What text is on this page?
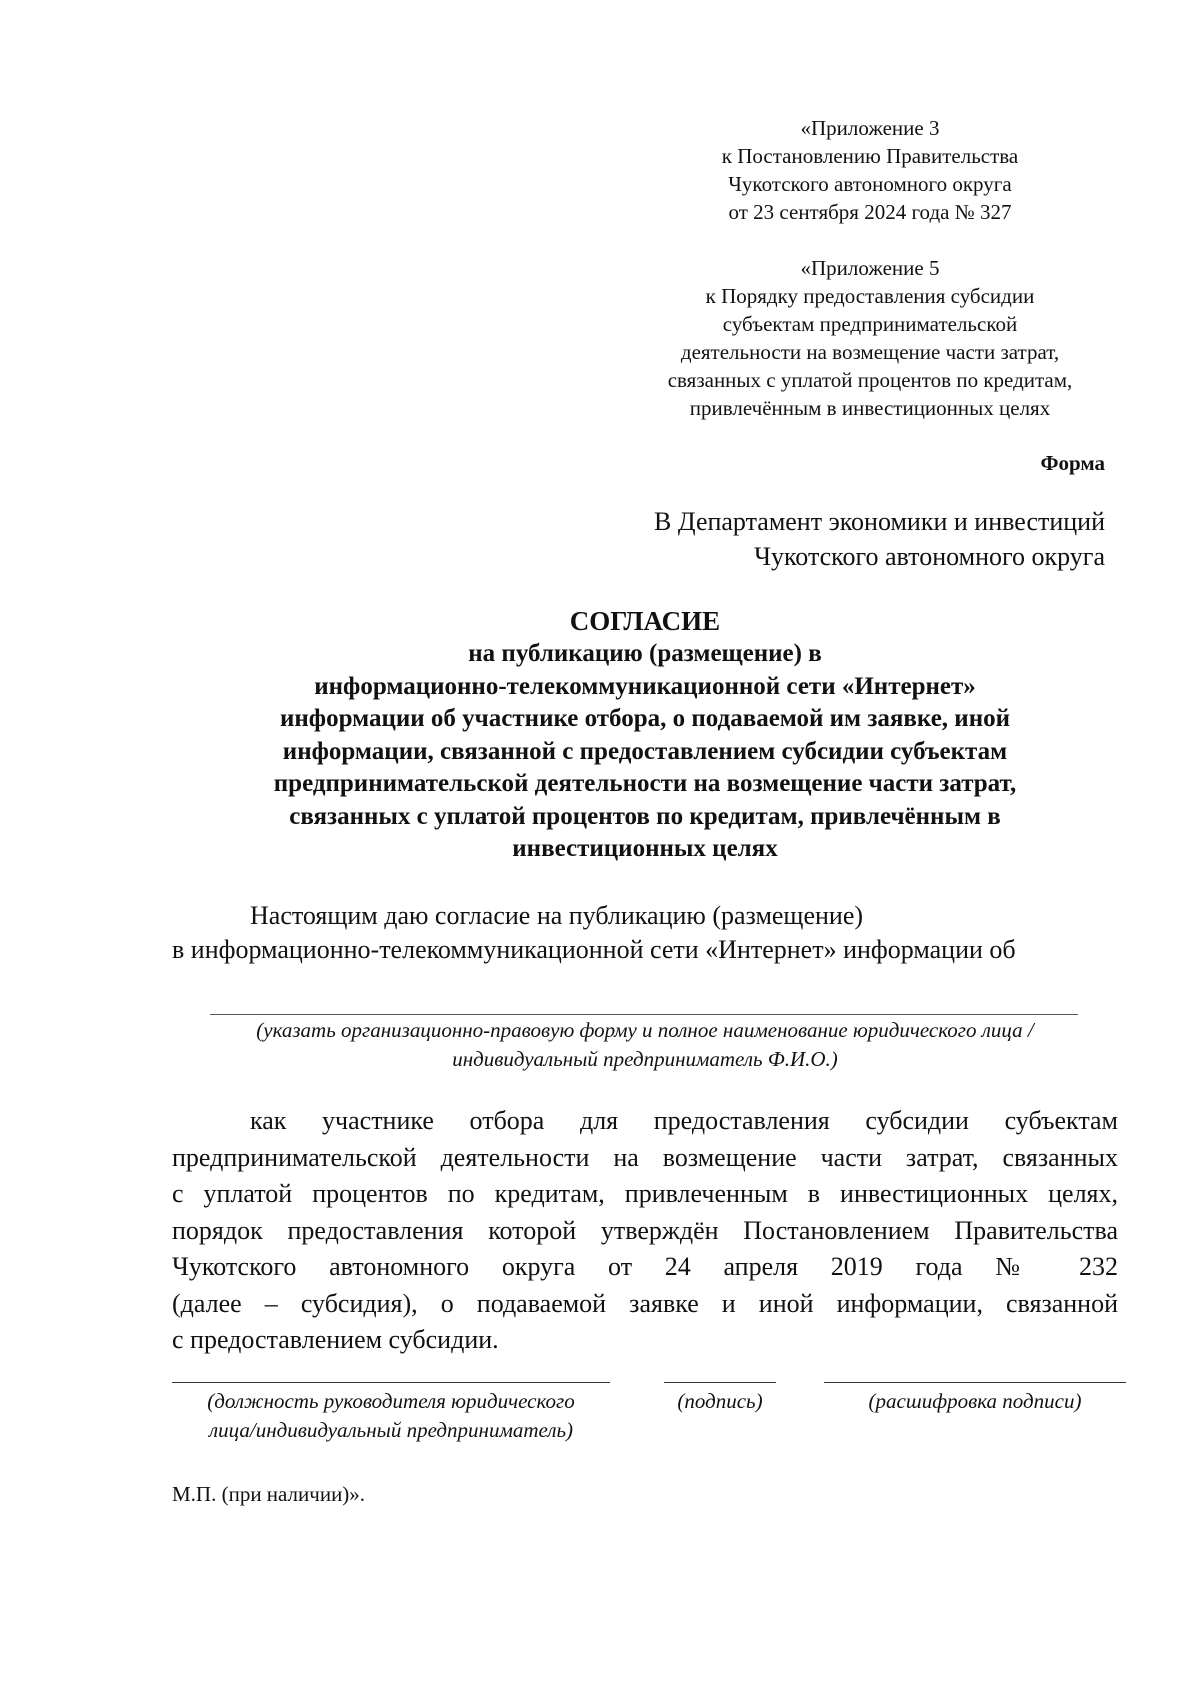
«Приложение 3
к Постановлению Правительства
Чукотского автономного округа
от 23 сентября 2024 года № 327
«Приложение 5
к Порядку предоставления субсидии
субъектам предпринимательской
деятельности на возмещение части затрат,
связанных с уплатой процентов по кредитам,
привлечённым в инвестиционных целях
Форма
В Департамент экономики и инвестиций
Чукотского автономного округа
СОГЛАСИЕ
на публикацию (размещение) в
информационно-телекоммуникационной сети «Интернет»
информации об участнике отбора, о подаваемой им заявке, иной
информации, связанной с предоставлением субсидии субъектам
предпринимательской деятельности на возмещение части затрат,
связанных с уплатой процентов по кредитам, привлечённым в
инвестиционных целях
Настоящим даю согласие на публикацию (размещение)
в информационно-телекоммуникационной сети «Интернет» информации об
(указать организационно-правовую форму и полное наименование юридического лица /
индивидуальный предприниматель Ф.И.О.)
как участнике отбора для предоставления субсидии субъектам
предпринимательской деятельности на возмещение части затрат, связанных
с уплатой процентов по кредитам, привлеченным в инвестиционных целях,
порядок предоставления которой утверждён Постановлением Правительства
Чукотского автономного округа от 24 апреля 2019 года № 232
(далее – субсидия), о подаваемой заявке и иной информации, связанной
с предоставлением субсидии.
(должность руководителя юридического
лица/индивидуальный предприниматель)
(подпись)	(расшифровка подписи)
М.П. (при наличии)».
